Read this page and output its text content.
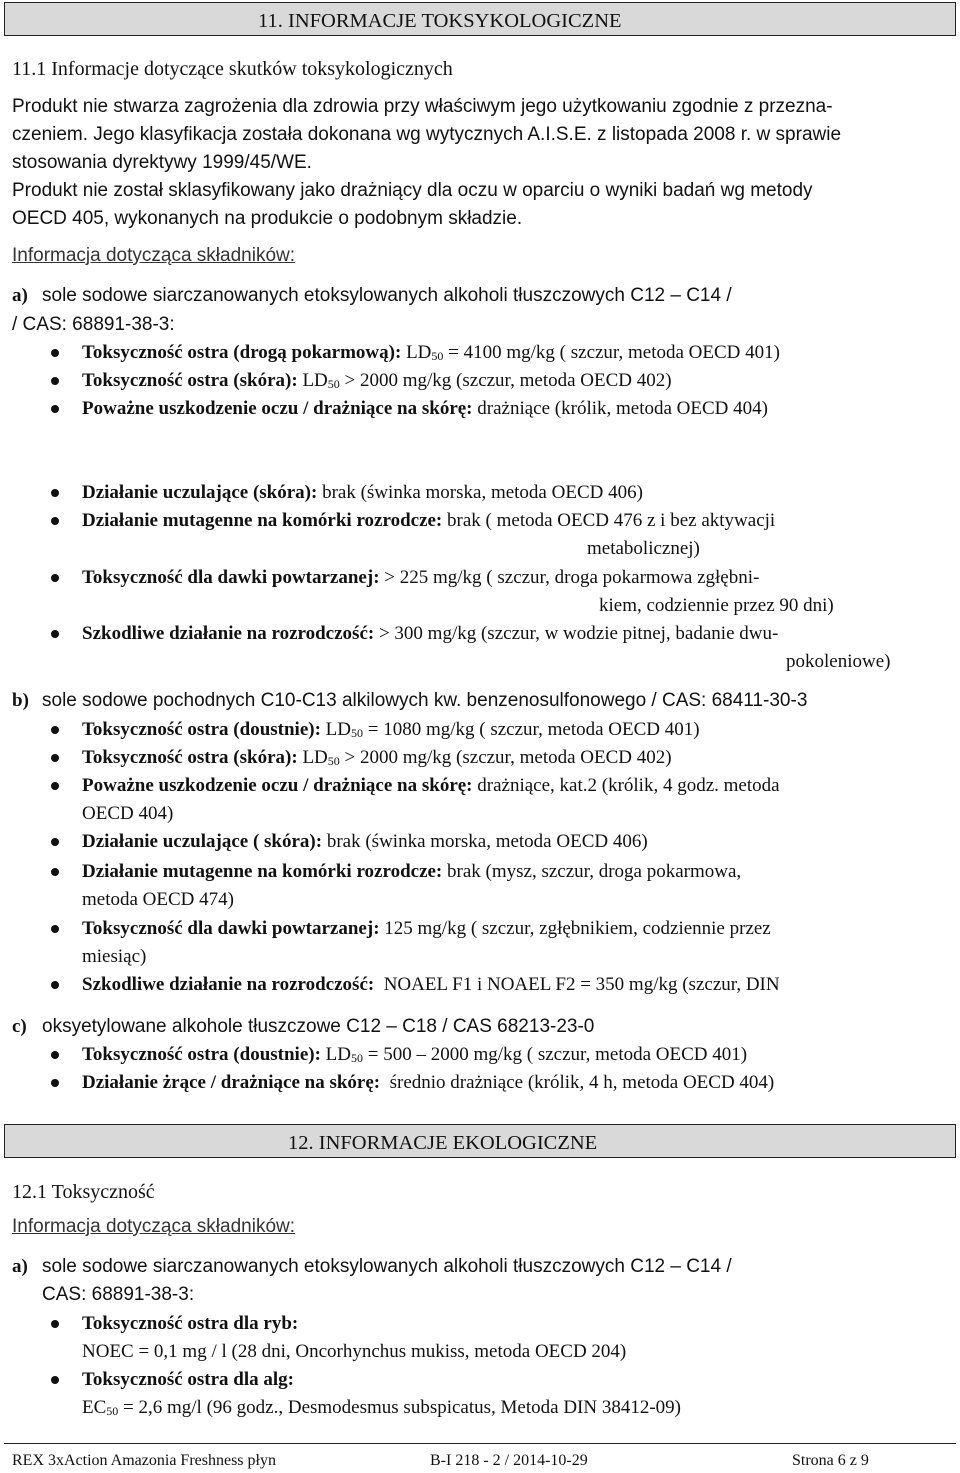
11. INFORMACJE TOKSYKOLOGICZNE
11.1 Informacje dotyczące skutków toksykologicznych
Produkt nie stwarza zagrożenia dla zdrowia przy właściwym jego użytkowaniu zgodnie z przezna-
czeniem. Jego klasyfikacja została dokonana wg wytycznych A.I.S.E. z listopada 2008 r. w sprawie
stosowania dyrektywy 1999/45/WE.
Produkt nie został sklasyfikowany jako drażniący dla oczu w oparciu o wyniki badań wg metody
OECD 405, wykonanych na produkcie o podobnym składzie.
Informacja dotycząca składników:
a) sole sodowe siarczanowanych etoksylowanych alkoholi tłuszczowych C12 – C14 /
/ CAS: 68891-38-3:
Toksyczność ostra (drogą pokarmową): $LD_{50} = 4100$ mg/kg ( szczur, metoda OECD 401)
Toksyczność ostra (skóra): $LD_{50} > 2000$ mg/kg (szczur, metoda OECD 402)
Poważne uszkodzenie oczu / drażniące na skórę: drażniące (królik, metoda OECD 404)
Działanie uczulające (skóra): brak (świnka morska, metoda OECD 406)
Działanie mutagenne na komórki rozrodcze: brak ( metoda OECD 476 z i bez aktywacji
metabolicznej)
Toksyczność dla dawki powtarzanej: > 225 mg/kg ( szczur, droga pokarmowa zgłębni-
kiem, codziennie przez 90 dni)
Szkodliwe działanie na rozrodczość: > 300 mg/kg (szczur, w wodzie pitnej, badanie dwu-
pokoleniowe)
b) sole sodowe pochodnych C10-C13 alkilowych kw. benzenosulfonowego / CAS: 68411-30-3
Toksyczność ostra (doustnie): $LD_{50} = 1080$ mg/kg ( szczur, metoda OECD 401)
Toksyczność ostra (skóra): $LD_{50} > 2000$ mg/kg (szczur, metoda OECD 402)
Poważne uszkodzenie oczu / drażniące na skórę: drażniące, kat.2 (królik, 4 godz. metoda
OECD 404)
Działanie uczulające ( skóra): brak (świnka morska, metoda OECD 406)
Działanie mutagenne na komórki rozrodcze: brak (mysz, szczur, droga pokarmowa,
metoda OECD 474)
Toksyczność dla dawki powtarzanej: 125 mg/kg ( szczur, zgłębnikiem, codziennie przez
miesiąc)
Szkodliwe działanie na rozrodczość: NOAEL F1 i NOAEL F2 = 350 mg/kg (szczur, DIN
c) oksyetylowane alkohole tłuszczowe C12 – C18 / CAS 68213-23-0
Toksyczność ostra (doustnie): $LD_{50} = 500 - 2000$ mg/kg ( szczur, metoda OECD 401)
Działanie żrące / drażniące na skórę: średnio drażniące (królik, 4 h, metoda OECD 404)
12. INFORMACJE EKOLOGICZNE
12.1 Toksyczność
Informacja dotycząca składników:
a) sole sodowe siarczanowanych etoksylowanych alkoholi tłuszczowych C12 – C14 /
CAS: 68891-38-3:
Toksyczność ostra dla ryb:
NOEC = 0,1 mg / l (28 dni, Oncorhynchus mukiss, metoda OECD 204)
Toksyczność ostra dla alg:
$EC_{50} = 2,6$ mg/l (96 godz., Desmodesmus subspicatus, Metoda DIN 38412-09)
REX 3xAction Amazonia Freshness płyn	B-I 218 - 2 / 2014-10-29	Strona 6 z 9
